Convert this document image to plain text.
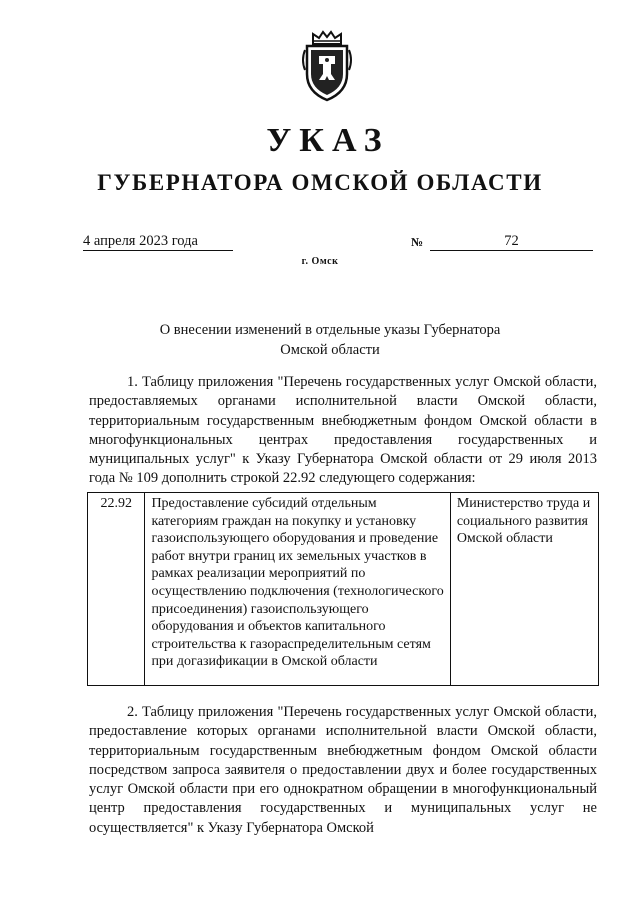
УКАЗ
ГУБЕРНАТОРА ОМСКОЙ ОБЛАСТИ
4 апреля 2023 года	№	72
г. Омск
О внесении изменений в отдельные указы Губернатора
Омской области
1. Таблицу приложения "Перечень государственных услуг Омской области, предоставляемых органами исполнительной власти Омской области, территориальным государственным внебюджетным фондом Омской области в многофункциональных центрах предоставления государственных и муниципальных услуг" к Указу Губернатора Омской области от 29 июля 2013 года № 109 дополнить строкой 22.92 следующего содержания:
22.92	Предоставление субсидий отдельным категориям граждан на покупку и установку газоиспользующего оборудования и проведение работ внутри границ их земельных участков в рамках реализации мероприятий по осуществлению подключения (технологического присоединения) газоиспользующего оборудования и объектов капитального строительства к газораспределительным сетям при догазификации в Омской области	Министерство труда и социального развития Омской области
2. Таблицу приложения "Перечень государственных услуг Омской области, предоставление которых органами исполнительной власти Омской области, территориальным государственным внебюджетным фондом Омской области посредством запроса заявителя о предоставлении двух и более государственных услуг Омской области при его однократном обращении в многофункциональный центр предоставления государственных и муниципальных услуг не осуществляется" к Указу Губернатора Омской
